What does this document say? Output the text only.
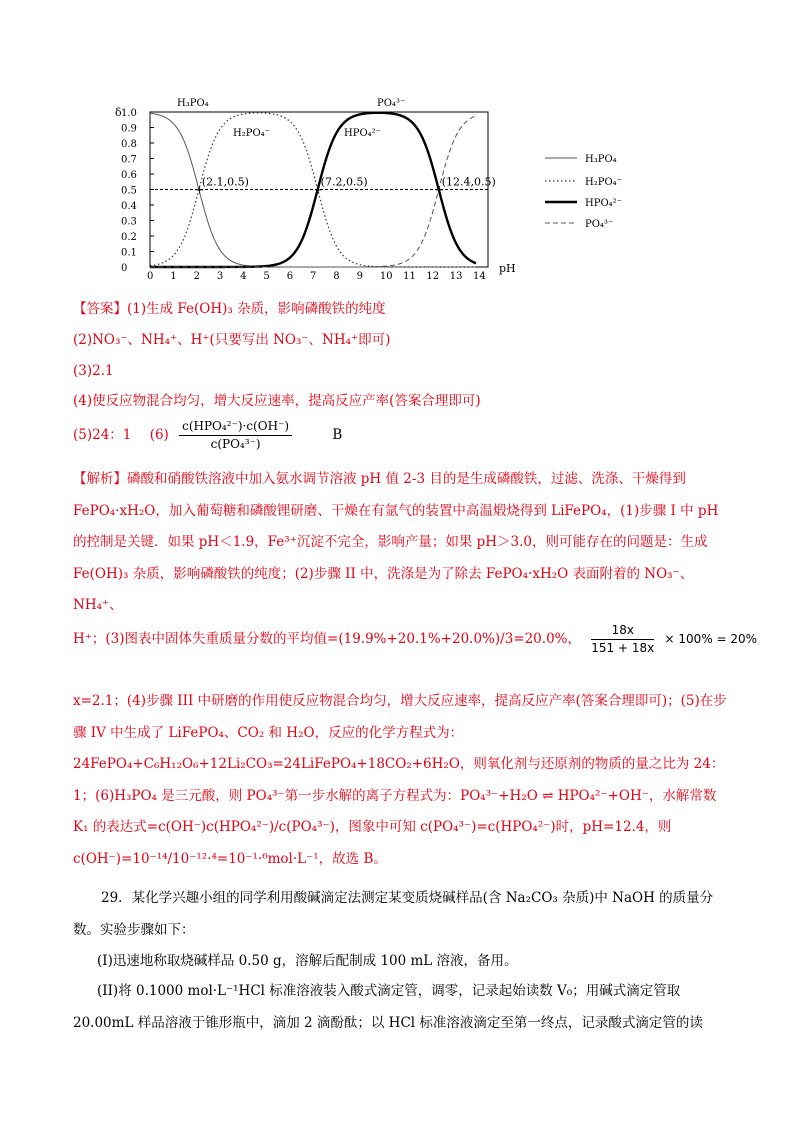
0
0.1
0.2
0.3
0.4
0.5
0.6
0.7
0.8
0.9
1.0
0 1 2 3 4 5 6 7 8 9 10 11 12 13 14
δ
pH
+
(2.1,0.5)
+
(7.2,0.5)
+
(12.4,0.5)
H₃PO₄
H₂PO₄⁻	HPO₄²⁻
PO₄³⁻
H₃PO₄
H₂PO₄⁻
HPO₄²⁻
PO₄³⁻
【答案】(1)生成 Fe(OH)₃ 杂质，影响磷酸铁的纯度
(2)NO₃⁻、NH₄⁺、H⁺(只要写出 NO₃⁻、NH₄⁺即可)
(3)2.1
(4)使反应物混合均匀，增大反应速率，提高反应产率(答案合理即可)
(5)24：1 $(6) \frac{\text{c(HPO₄²⁻)·c(OH⁻)}}{\text{c(PO₄³⁻)}}$	B
【解析】磷酸和硝酸铁溶液中加入氨水调节溶液 pH 值 2-3 目的是生成磷酸铁，过滤、洗涤、干燥得到 FePO₄·xH₂O，加入葡萄糖和磷酸锂研磨、干燥在有氩气的装置中高温煅烧得到 LiFePO₄，(1)步骤 I 中 pH 的控制是关键．如果 pH＜1.9，Fe³⁺沉淀不完全，影响产量；如果 pH＞3.0，则可能存在的问题是：生成 Fe(OH)₃ 杂质，影响磷酸铁的纯度；(2)步骤 II 中，洗涤是为了除去 FePO₄·xH₂O 表面附着的 NO₃⁻、NH₄⁺、
H⁺；(3)图表中固体失重质量分数的平均值=(19.9%+20.1%+20.0%)/3=20.0%， $\frac{18x}{151 + 18x} \times 100\% = 20\%$
x=2.1；(4)步骤 III 中研磨的作用使反应物混合均匀，增大反应速率，提高反应产率(答案合理即可)；(5)在步骤 IV 中生成了 LiFePO₄、CO₂ 和 H₂O，反应的化学方程式为：24FePO₄+C₆H₁₂O₆+12Li₂CO₃=24LiFePO₄+18CO₂+6H₂O，则氧化剂与还原剂的物质的量之比为 24：1；(6)H₃PO₄ 是三元酸，则 PO₄³⁻第一步水解的离子方程式为：PO₄³⁻+H₂O ⇌ HPO₄²⁻+OH⁻，水解常数 K₁ 的表达式=c(OH⁻)c(HPO₄²⁻)/c(PO₄³⁻)，图象中可知 c(PO₄³⁻)=c(HPO₄²⁻)时，pH=12.4，则 c(OH⁻)=10⁻¹⁴/10⁻¹²·⁴=10⁻¹·⁶mol·L⁻¹，故选 B。
29．某化学兴趣小组的同学利用酸碱滴定法测定某变质烧碱样品(含 Na₂CO₃ 杂质)中 NaOH 的质量分数。实验步骤如下：
(I)迅速地称取烧碱样品 0.50 g，溶解后配制成 100 mL 溶液，备用。
(II)将 0.1000 mol·L⁻¹HCl 标准溶液装入酸式滴定管，调零，记录起始读数 V₀；用碱式滴定管取 20.00mL 样品溶液于锥形瓶中，滴加 2 滴酚酞；以 HCl 标准溶液滴定至第一终点，记录酸式滴定管的读
